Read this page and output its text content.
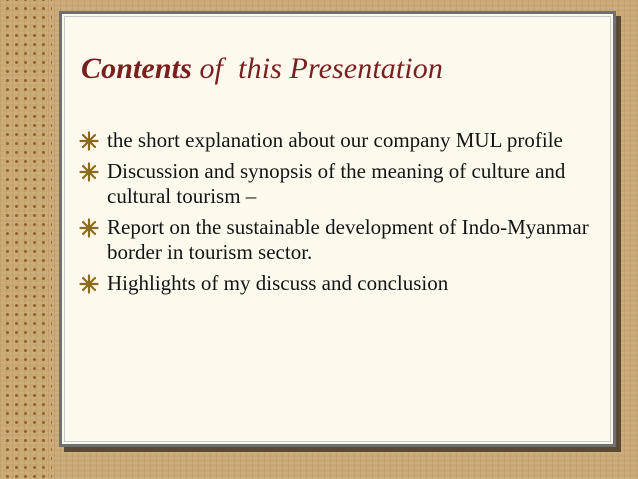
Contents of  this Presentation
the short explanation about our company MUL profile
Discussion and synopsis of the meaning of culture and cultural tourism –
Report on the sustainable development of Indo-Myanmar border in tourism sector.
Highlights of my discuss and conclusion
